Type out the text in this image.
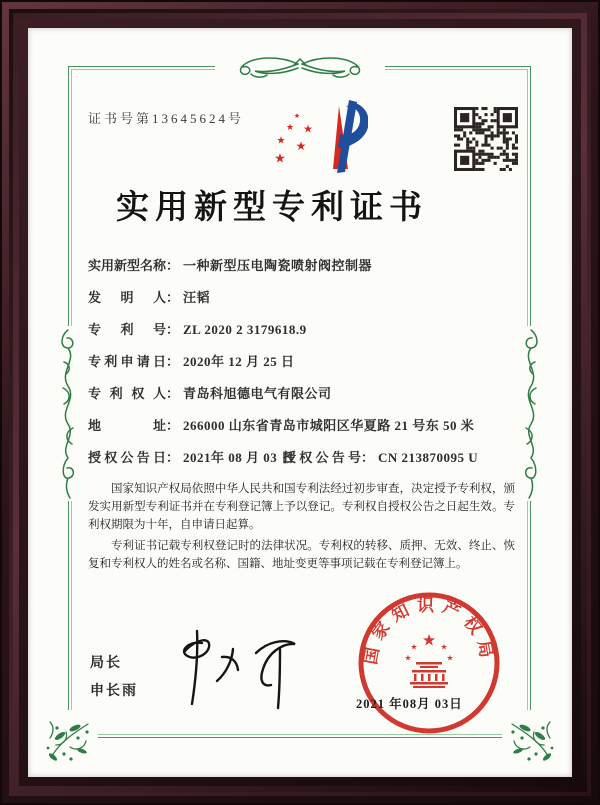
证书号第13645624号	★
★ ★
★ ★
★
实用新型专利证书
实用新型名称： 一种新型压电陶瓷喷射阀控制器
发明人： 汪韬
专利号： ZL 2020 2 3179618.9
专利申请日： 2020年 12 月 25 日
专利权人： 青岛科旭德电气有限公司
地址： 266000 山东省青岛市城阳区华夏路 21 号东 50 米
授权公告日： 2021年 08 月 03 日
授权公告号： CN 213870095 U

国家知识产权局依照中华人民共和国专利法经过初步审查，决定授予专利权，颁发实用新型专利证书并在专利登记簿上予以登记。专利权自授权公告之日起生效。专利权期限为十年，自申请日起算。

专利证书记载专利权登记时的法律状况。专利权的转移、质押、无效、终止、恢复和专利权人的姓名或名称、国籍、地址变更等事项记载在专利登记簿上。

局长
申长雨
国家知识产权局
★
★	★
★	★
2021 年08月 03日
